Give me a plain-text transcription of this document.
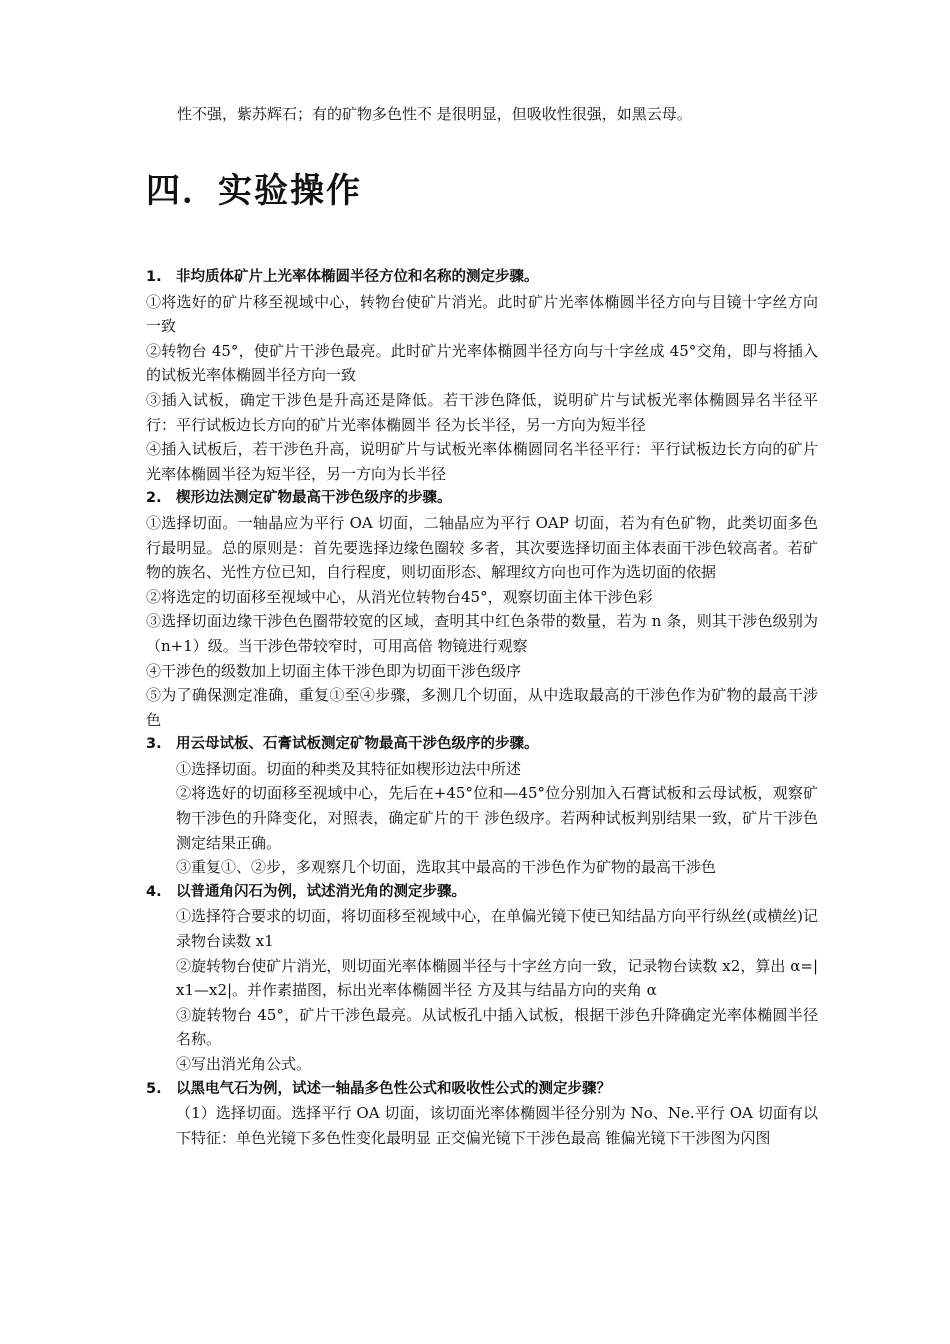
性不强，紫苏辉石；有的矿物多色性不 是很明显，但吸收性很强，如黑云母。
四．实验操作
1. 非均质体矿片上光率体椭圆半径方位和名称的测定步骤。
①将选好的矿片移至视域中心，转物台使矿片消光。此时矿片光率体椭圆半径方向与目镜十字丝方向一致
②转物台 45°，使矿片干涉色最亮。此时矿片光率体椭圆半径方向与十字丝成 45°交角，即与将插入的试板光率体椭圆半径方向一致
③插入试板，确定干涉色是升高还是降低。若干涉色降低，说明矿片与试板光率体椭圆异名半径平行：平行试板边长方向的矿片光率体椭圆半 径为长半径，另一方向为短半径
④插入试板后，若干涉色升高，说明矿片与试板光率体椭圆同名半径平行：平行试板边长方向的矿片光率体椭圆半径为短半径，另一方向为长半径
2. 楔形边法测定矿物最高干涉色级序的步骤。
①选择切面。一轴晶应为平行 OA 切面，二轴晶应为平行 OAP 切面，若为有色矿物，此类切面多色行最明显。总的原则是：首先要选择边缘色圈较 多者，其次要选择切面主体表面干涉色较高者。若矿物的族名、光性方位已知，自行程度，则切面形态、解理纹方向也可作为选切面的依据
②将选定的切面移至视域中心，从消光位转物台45°，观察切面主体干涉色彩
③选择切面边缘干涉色色圈带较宽的区域，查明其中红色条带的数量，若为 n 条，则其干涉色级别为（n+1）级。当干涉色带较窄时，可用高倍 物镜进行观察
④干涉色的级数加上切面主体干涉色即为切面干涉色级序
⑤为了确保测定准确，重复①至④步骤，多测几个切面，从中选取最高的干涉色作为矿物的最高干涉色
3. 用云母试板、石膏试板测定矿物最高干涉色级序的步骤。
①选择切面。切面的种类及其特征如楔形边法中所述
②将选好的切面移至视域中心，先后在+45°位和—45°位分别加入石膏试板和云母试板，观察矿物干涉色的升降变化，对照表，确定矿片的干 涉色级序。若两种试板判别结果一致，矿片干涉色测定结果正确。
③重复①、②步，多观察几个切面，选取其中最高的干涉色作为矿物的最高干涉色
4. 以普通角闪石为例，试述消光角的测定步骤。
①选择符合要求的切面，将切面移至视域中心，在单偏光镜下使已知结晶方向平行纵丝(或横丝)记录物台读数 x1
②旋转物台使矿片消光，则切面光率体椭圆半径与十字丝方向一致，记录物台读数 x2，算出 α=| x1—x2|。并作素描图，标出光率体椭圆半径 方及其与结晶方向的夹角 α
③旋转物台 45°，矿片干涉色最亮。从试板孔中插入试板，根据干涉色升降确定光率体椭圆半径名称。
④写出消光角公式。
5. 以黑电气石为例，试述一轴晶多色性公式和吸收性公式的测定步骤？
（1）选择切面。选择平行 OA 切面，该切面光率体椭圆半径分别为 No、Ne.平行 OA 切面有以下特征：单色光镜下多色性变化最明显 正交偏光镜下干涉色最高 锥偏光镜下干涉图为闪图
